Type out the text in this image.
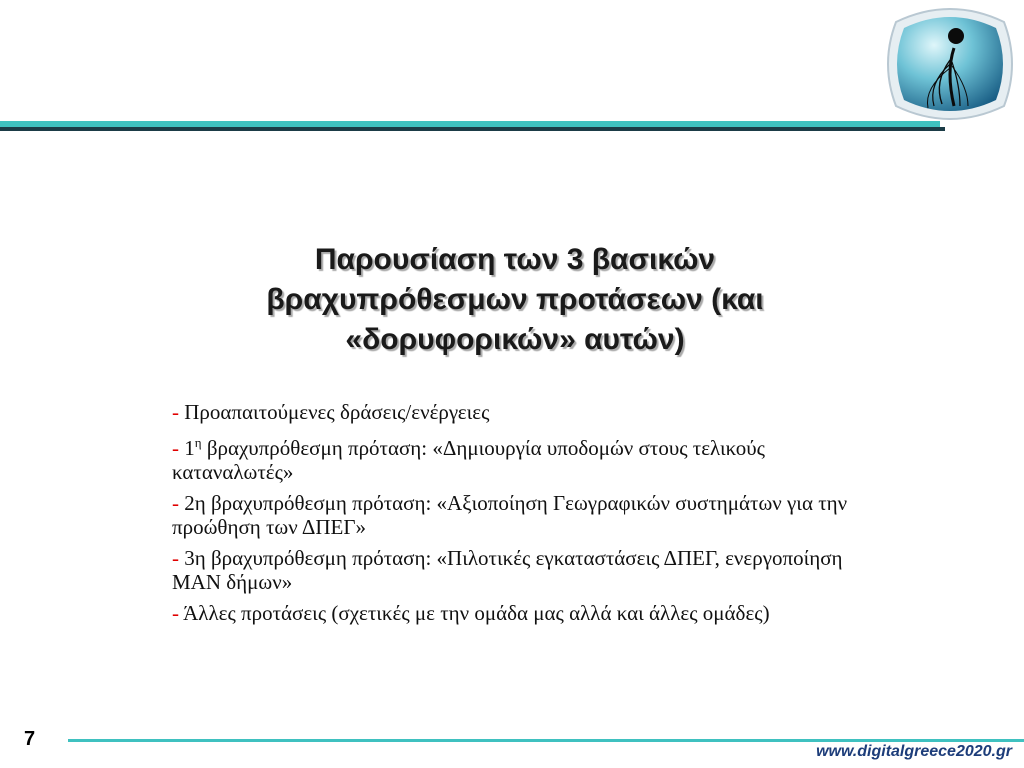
Παρουσίαση των 3 βασικών
βραχυπρόθεσμων προτάσεων (και
«δορυφορικών» αυτών)
- Προαπαιτούμενες δράσεις/ενέργειες
- $1^\eta$ βραχυπρόθεσμη πρόταση: «Δημιουργία υποδομών στους τελικούς καταναλωτές»
- 2η βραχυπρόθεσμη πρόταση: «Αξιοποίηση Γεωγραφικών συστημάτων για την προώθηση των ΔΠΕΓ»
- 3η βραχυπρόθεσμη πρόταση: «Πιλοτικές εγκαταστάσεις ΔΠΕΓ, ενεργοποίηση MAN δήμων»
- Άλλες προτάσεις (σχετικές με την ομάδα μας αλλά και άλλες ομάδες)
7
www.digitalgreece2020.gr
